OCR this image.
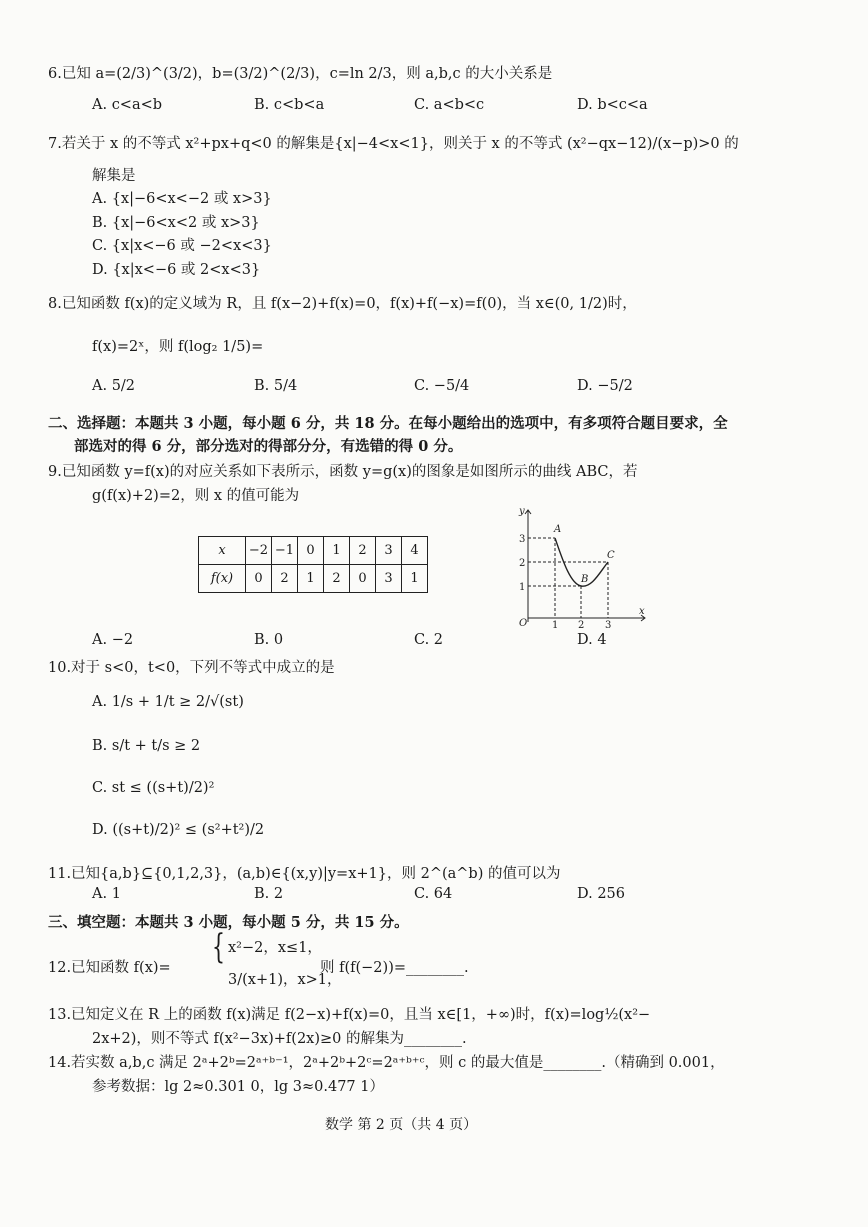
6.已知 a=(2/3)^(3/2)，b=(3/2)^(2/3)，c=ln 2/3，则 a,b,c 的大小关系是
A. c<a<b	B. c<b<a	C. a<b<c	D. b<c<a
7.若关于 x 的不等式 x²+px+q<0 的解集是{x|−4<x<1}，则关于 x 的不等式 (x²−qx−12)/(x−p)>0 的
解集是
A. {x|−6<x<−2 或 x>3}
B. {x|−6<x<2 或 x>3}
C. {x|x<−6 或 −2<x<3}
D. {x|x<−6 或 2<x<3}
8.已知函数 f(x)的定义域为 R，且 f(x−2)+f(x)=0，f(x)+f(−x)=f(0)，当 x∈(0, 1/2)时，
f(x)=2ˣ，则 f(log₂ 1/5)=
A. 5/2	B. 5/4	C. −5/4	D. −5/2
二、选择题：本题共 3 小题，每小题 6 分，共 18 分。在每小题给出的选项中，有多项符合题目要求，全
部选对的得 6 分，部分选对的得部分分，有选错的得 0 分。
9.已知函数 y=f(x)的对应关系如下表所示，函数 y=g(x)的图象是如图所示的曲线 ABC，若
g(f(x)+2)=2，则 x 的值可能为
x	−2	−1	0	1	2	3	4
f(x)	0	2	1	2	0	3	1
y
x
O
A
B
C
3
2
1
1 2 3
A. −2	B. 0	C. 2	D. 4
10.对于 s<0，t<0，下列不等式中成立的是
A. 1/s + 1/t ≥ 2/√(st)
B. s/t + t/s ≥ 2
C. st ≤ ((s+t)/2)²
D. ((s+t)/2)² ≤ (s²+t²)/2
11.已知{a,b}⊆{0,1,2,3}，(a,b)∈{(x,y)|y=x+1}，则 2^(a^b) 的值可以为
A. 1	B. 2	C. 64	D. 256
三、填空题：本题共 3 小题，每小题 5 分，共 15 分。
12.已知函数 f(x)=
{ x²−2，x≤1，
3/(x+1)，x>1，
则 f(f(−2))=________.
13.已知定义在 R 上的函数 f(x)满足 f(2−x)+f(x)=0，且当 x∈[1，+∞)时，f(x)=log½(x²−
2x+2)，则不等式 f(x²−3x)+f(2x)≥0 的解集为________.
14.若实数 a,b,c 满足 2ᵃ+2ᵇ=2ᵃ⁺ᵇ⁻¹，2ᵃ+2ᵇ+2ᶜ=2ᵃ⁺ᵇ⁺ᶜ，则 c 的最大值是________.（精确到 0.001，
参考数据：lg 2≈0.301 0，lg 3≈0.477 1）
数学 第 2 页（共 4 页）
